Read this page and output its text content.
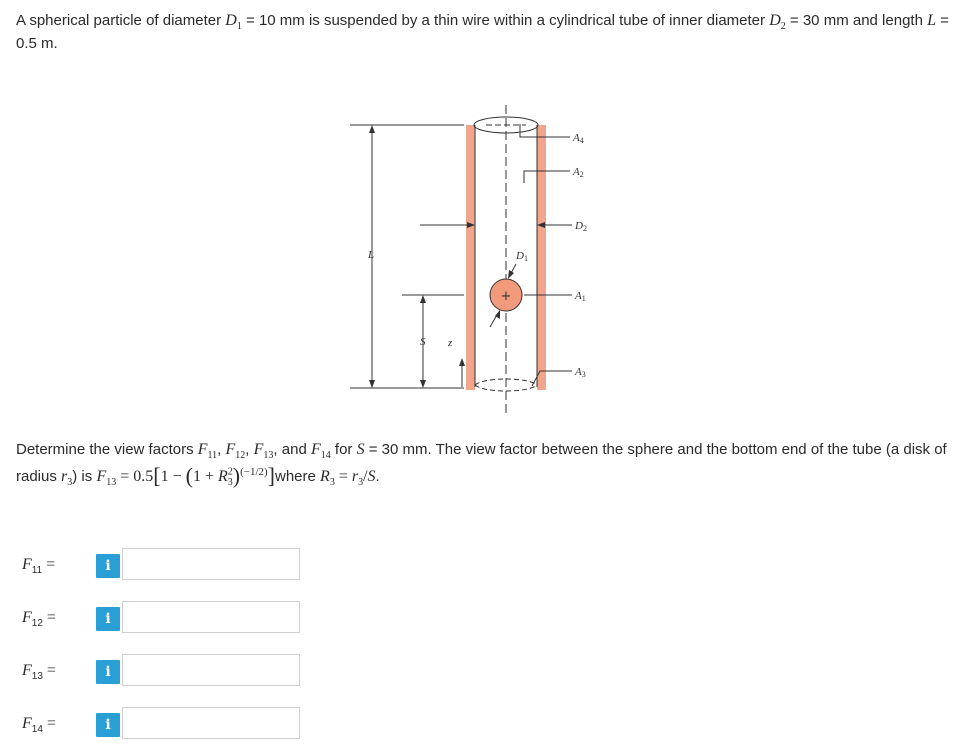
A spherical particle of diameter $D_1 = 10$ mm is suspended by a thin wire within a cylindrical tube of inner diameter $D_2 = 30$ mm and length L = 0.5 m.
A4
A2
D2
D1
A1
A3
L
S z
+
Determine the view factors $F_{11}$, $F_{12}$, $F_{13}$, and $F_{14}$ for S = 30 mm. The view factor between the sphere and the bottom end of the tube (a disk of radius $r_3$) is $F_{13} = 0.5[1 - (1$ + $R^2_3)^{(-1/2)}]where$ $R_3 = r_3/S$.
$F_{11}$ =	i
$F_{12}$ =	i
$F_{13}$ =	i
$F_{14}$ =	i
